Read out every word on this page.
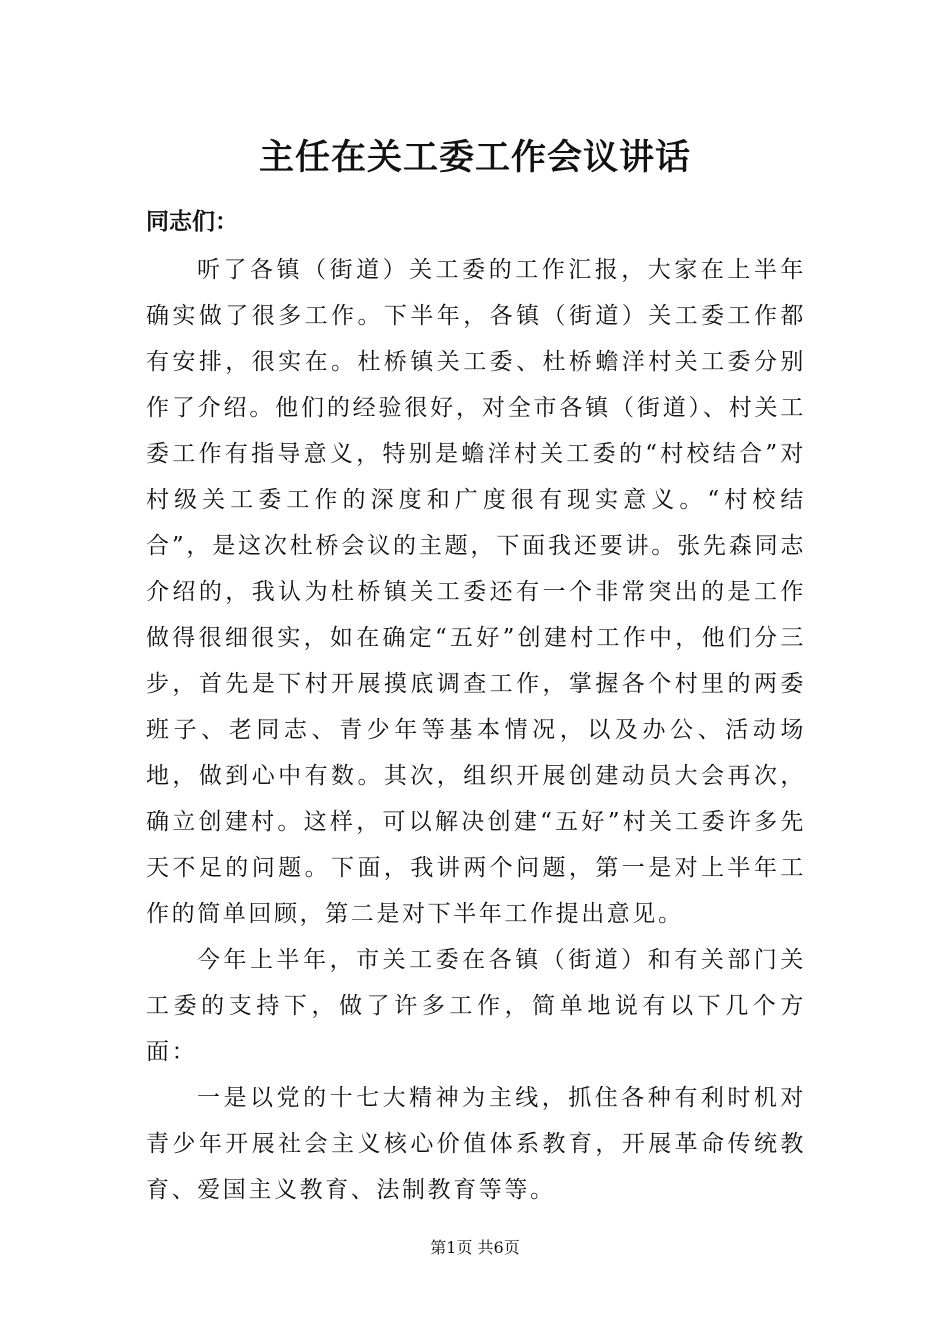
主任在关工委工作会议讲话
同志们：

听了各镇（街道）关工委的工作汇报，大家在上半年确实做了很多工作。下半年，各镇（街道）关工委工作都有安排，很实在。杜桥镇关工委、杜桥蟾洋村关工委分别作了介绍。他们的经验很好，对全市各镇（街道）、村关工委工作有指导意义，特别是蟾洋村关工委的“村校结合”对村级关工委工作的深度和广度很有现实意义。“村校结合”，是这次杜桥会议的主题，下面我还要讲。张先森同志介绍的，我认为杜桥镇关工委还有一个非常突出的是工作做得很细很实，如在确定“五好”创建村工作中，他们分三步，首先是下村开展摸底调查工作，掌握各个村里的两委班子、老同志、青少年等基本情况，以及办公、活动场地，做到心中有数。其次，组织开展创建动员大会再次，确立创建村。这样，可以解决创建“五好”村关工委许多先天不足的问题。下面，我讲两个问题，第一是对上半年工作的简单回顾，第二是对下半年工作提出意见。

今年上半年，市关工委在各镇（街道）和有关部门关工委的支持下，做了许多工作，简单地说有以下几个方面：

一是以党的十七大精神为主线，抓住各种有利时机对青少年开展社会主义核心价值体系教育，开展革命传统教育、爱国主义教育、法制教育等等。

第1页 共6页
